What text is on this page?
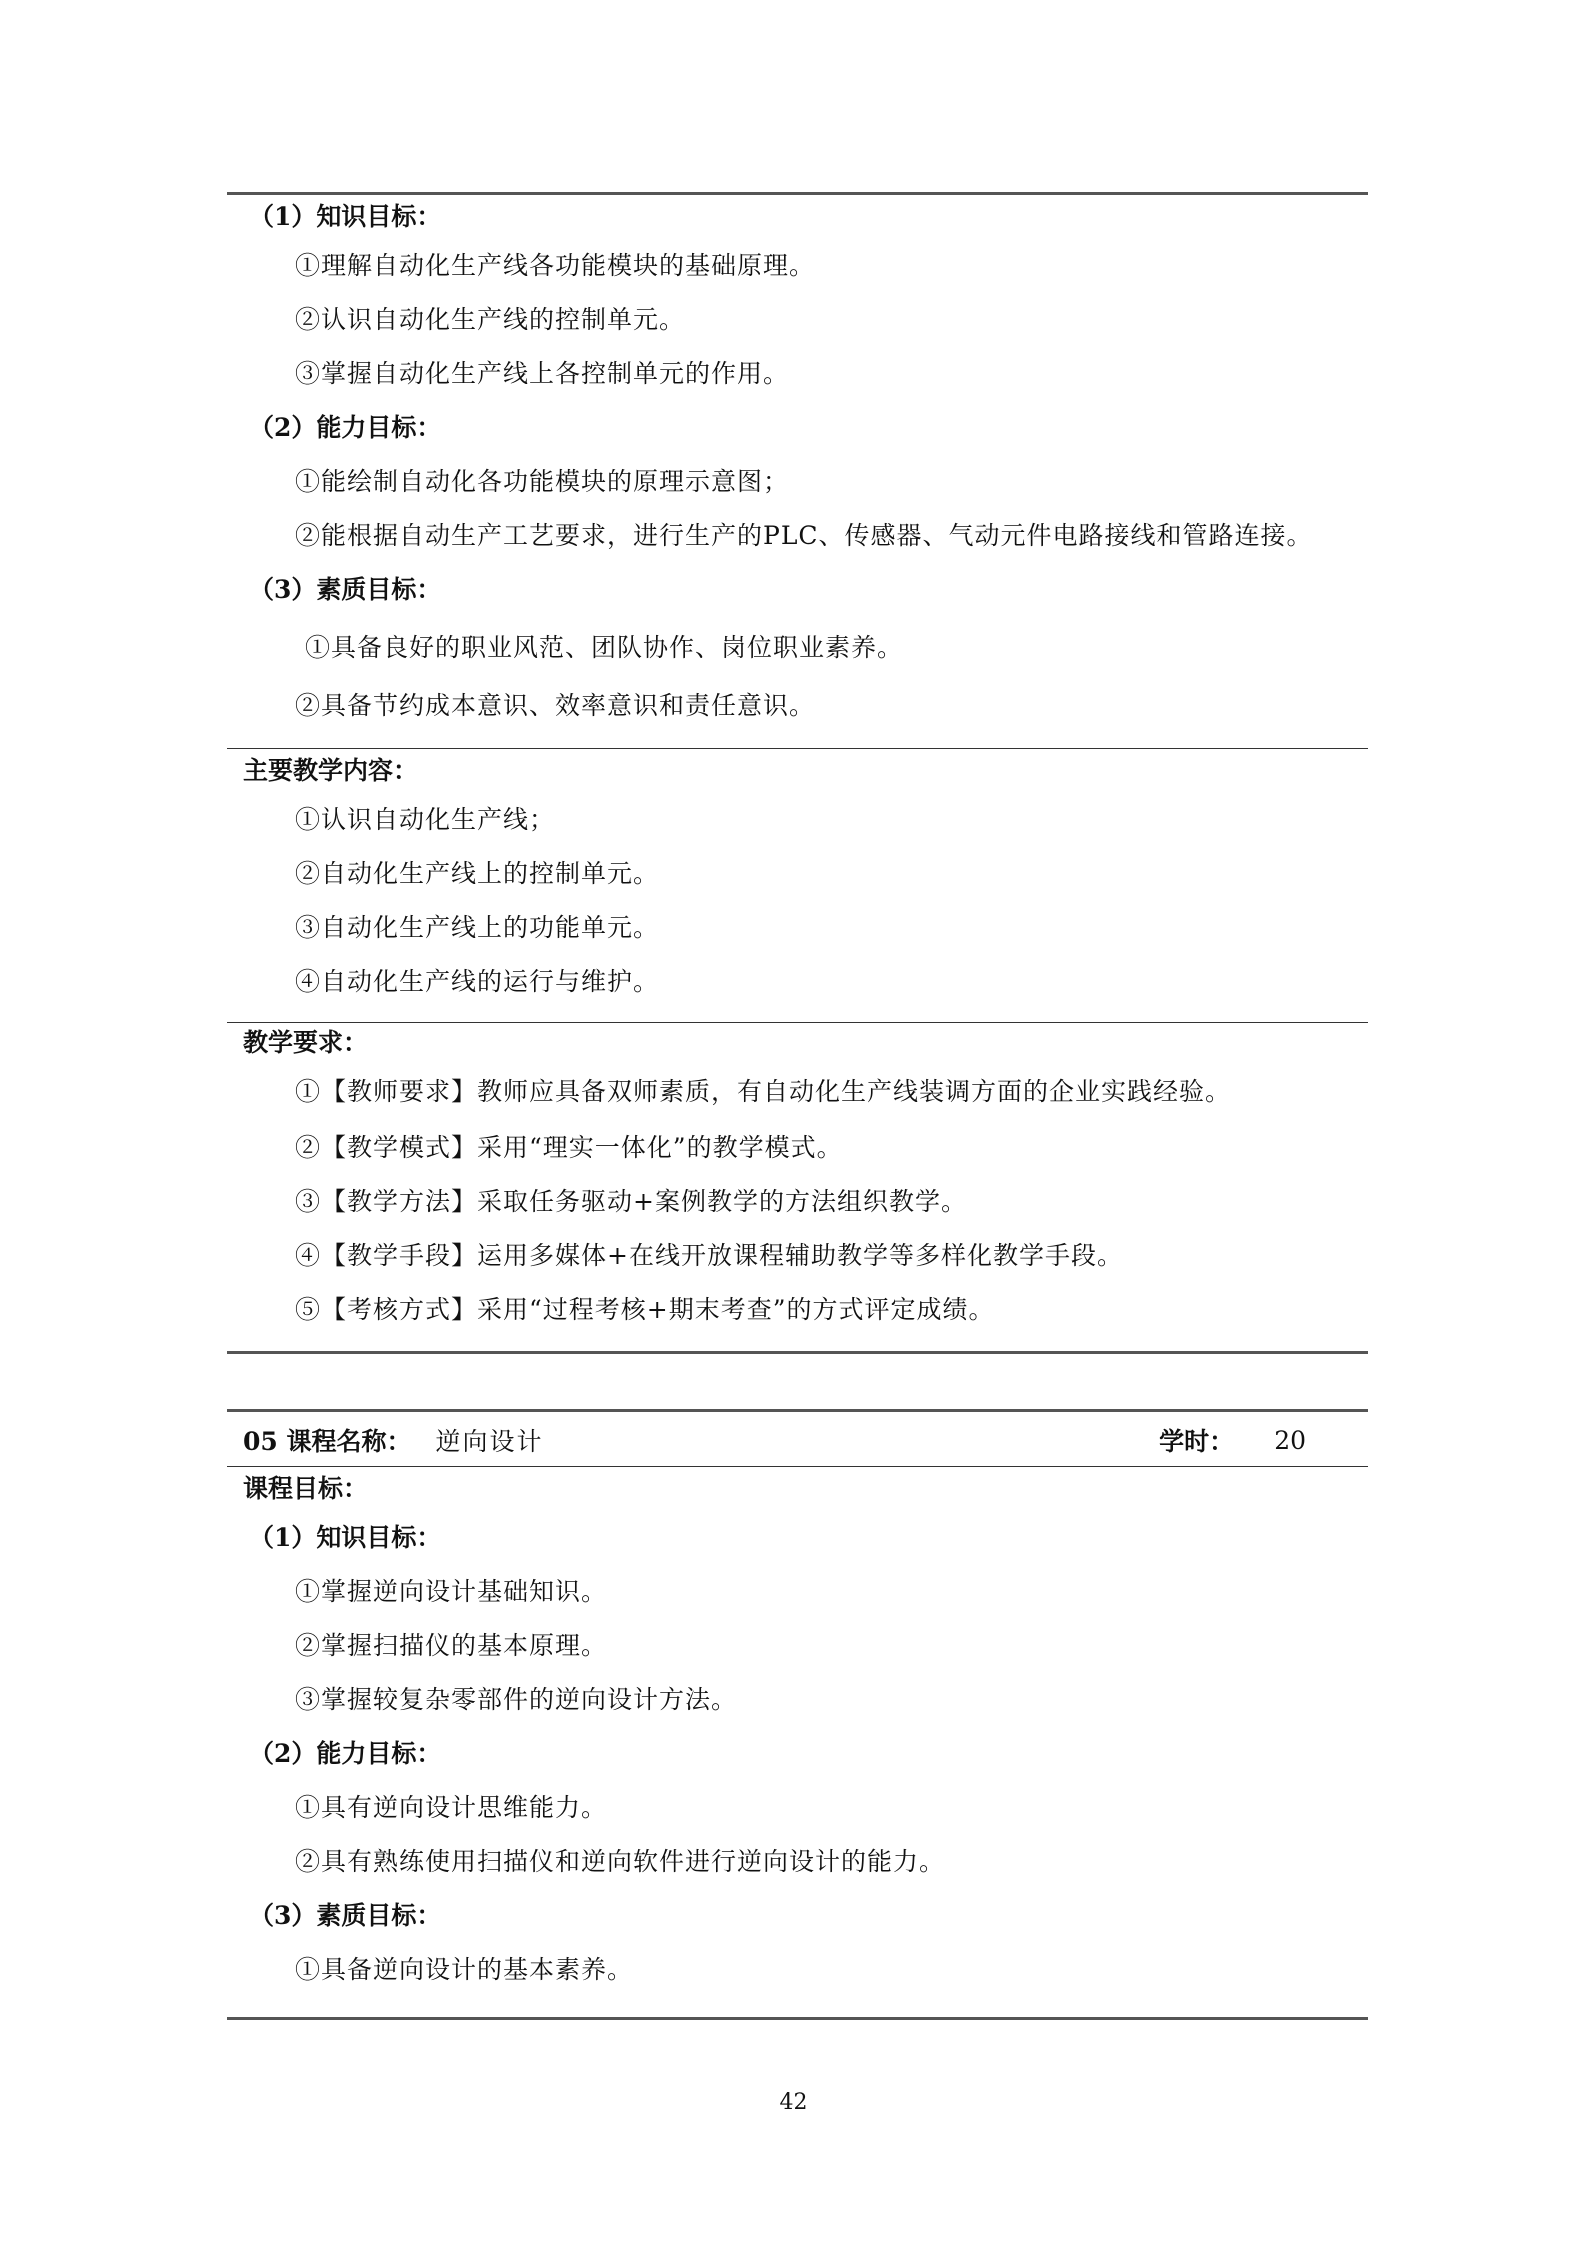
（1）知识目标：
①理解自动化生产线各功能模块的基础原理。
②认识自动化生产线的控制单元。
③掌握自动化生产线上各控制单元的作用。
（2）能力目标：
①能绘制自动化各功能模块的原理示意图；
②能根据自动生产工艺要求，进行生产的PLC、传感器、气动元件电路接线和管路连接。
（3）素质目标：
①具备良好的职业风范、团队协作、岗位职业素养。
②具备节约成本意识、效率意识和责任意识。
主要教学内容：
①认识自动化生产线；
②自动化生产线上的控制单元。
③自动化生产线上的功能单元。
④自动化生产线的运行与维护。
教学要求：
①【教师要求】教师应具备双师素质，有自动化生产线装调方面的企业实践经验。
②【教学模式】采用“理实一体化”的教学模式。
③【教学方法】采取任务驱动+案例教学的方法组织教学。
④【教学手段】运用多媒体+在线开放课程辅助教学等多样化教学手段。
⑤【考核方式】采用“过程考核+期末考查”的方式评定成绩。
05 课程名称： 逆向设计	学时： 20
课程目标：
（1）知识目标：
①掌握逆向设计基础知识。
②掌握扫描仪的基本原理。
③掌握较复杂零部件的逆向设计方法。
（2）能力目标：
①具有逆向设计思维能力。
②具有熟练使用扫描仪和逆向软件进行逆向设计的能力。
（3）素质目标：
①具备逆向设计的基本素养。
42
